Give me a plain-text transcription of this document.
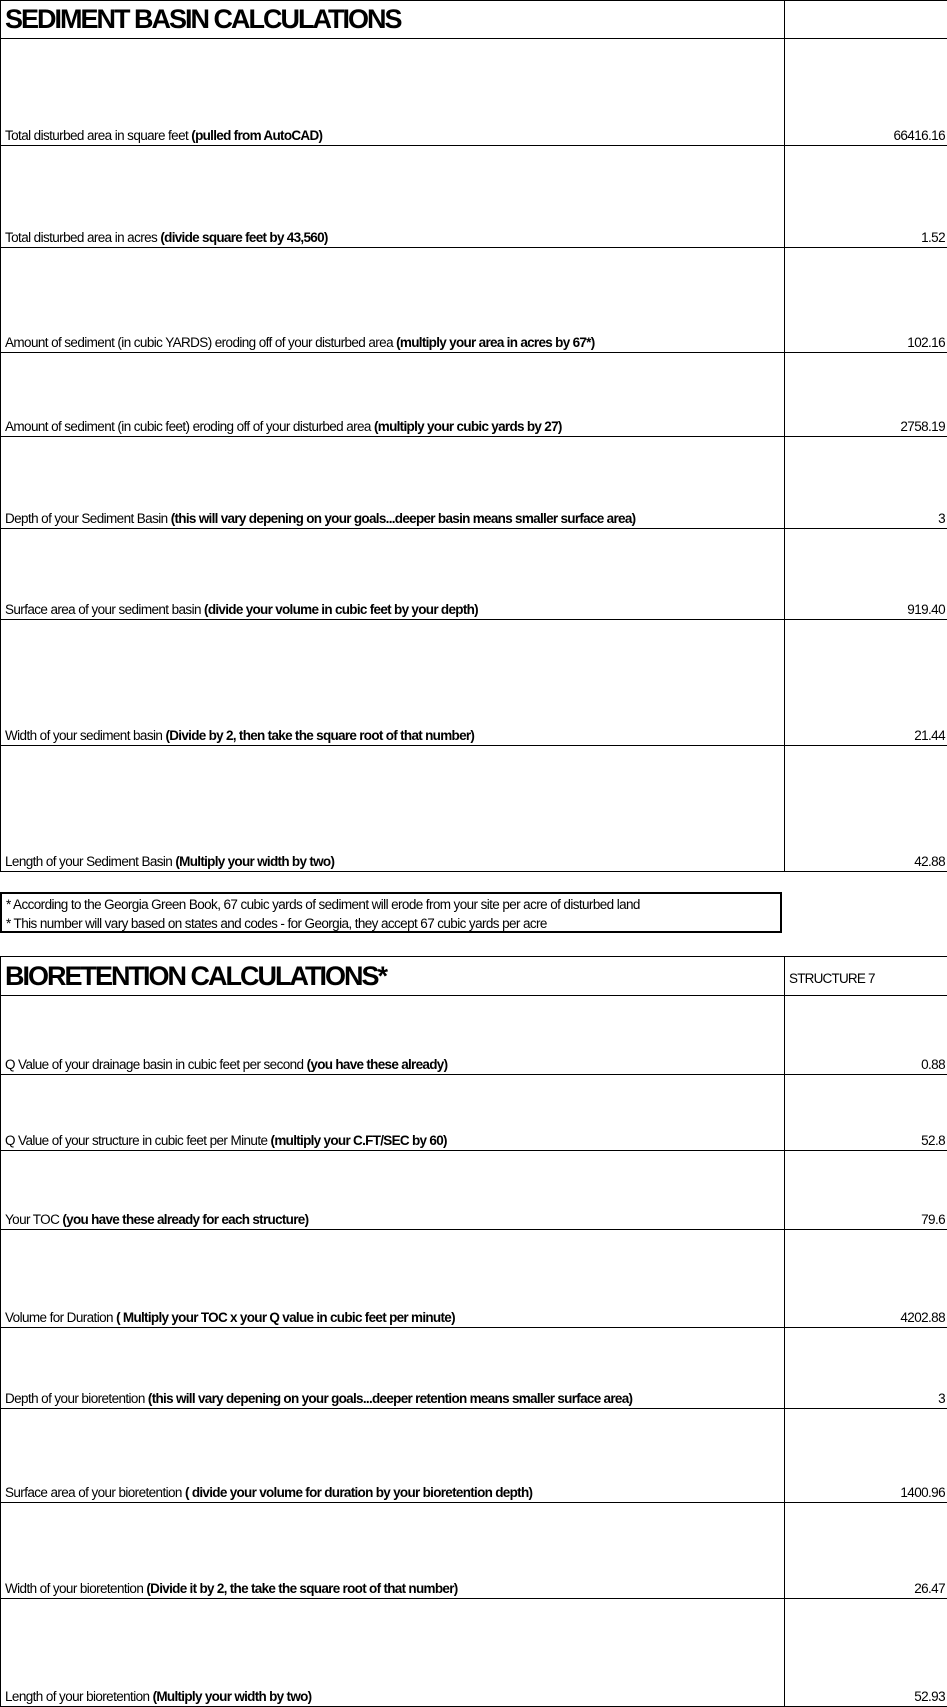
SEDIMENT BASIN CALCULATIONS	
Total disturbed area in square feet (pulled from AutoCAD)	66416.16
Total disturbed area in acres (divide square feet by 43,560)	1.52
Amount of sediment (in cubic YARDS) eroding off of your disturbed area (multiply your area in acres by 67*)	102.16
Amount of sediment (in cubic feet) eroding off of your disturbed area (multiply your cubic yards by 27)	2758.19
Depth of your Sediment Basin (this will vary depening on your goals...deeper basin means smaller surface area)	3
Surface area of your sediment basin (divide your volume in cubic feet by your depth)	919.40
Width of your sediment basin (Divide by 2, then take the square root of that number)	21.44
Length of your Sediment Basin (Multiply your width by two)	42.88
* According to the Georgia Green Book, 67 cubic yards of sediment will erode from your site per acre of disturbed land
* This number will vary based on states and codes - for Georgia, they accept 67 cubic yards per acre
BIORETENTION CALCULATIONS*	STRUCTURE 7
Q Value of your drainage basin in cubic feet per second (you have these already)	0.88
Q Value of your structure in cubic feet per Minute (multiply your C.FT/SEC by 60)	52.8
Your TOC (you have these already for each structure)	79.6
Volume for Duration ( Multiply your TOC x your Q value in cubic feet per minute)	4202.88
Depth of your bioretention (this will vary depening on your goals...deeper retention means smaller surface area)	3
Surface area of your bioretention ( divide your volume for duration by your bioretention depth)	1400.96
Width of your bioretention (Divide it by 2, the take the square root of that number)	26.47
Length of your bioretention (Multiply your width by two)	52.93
